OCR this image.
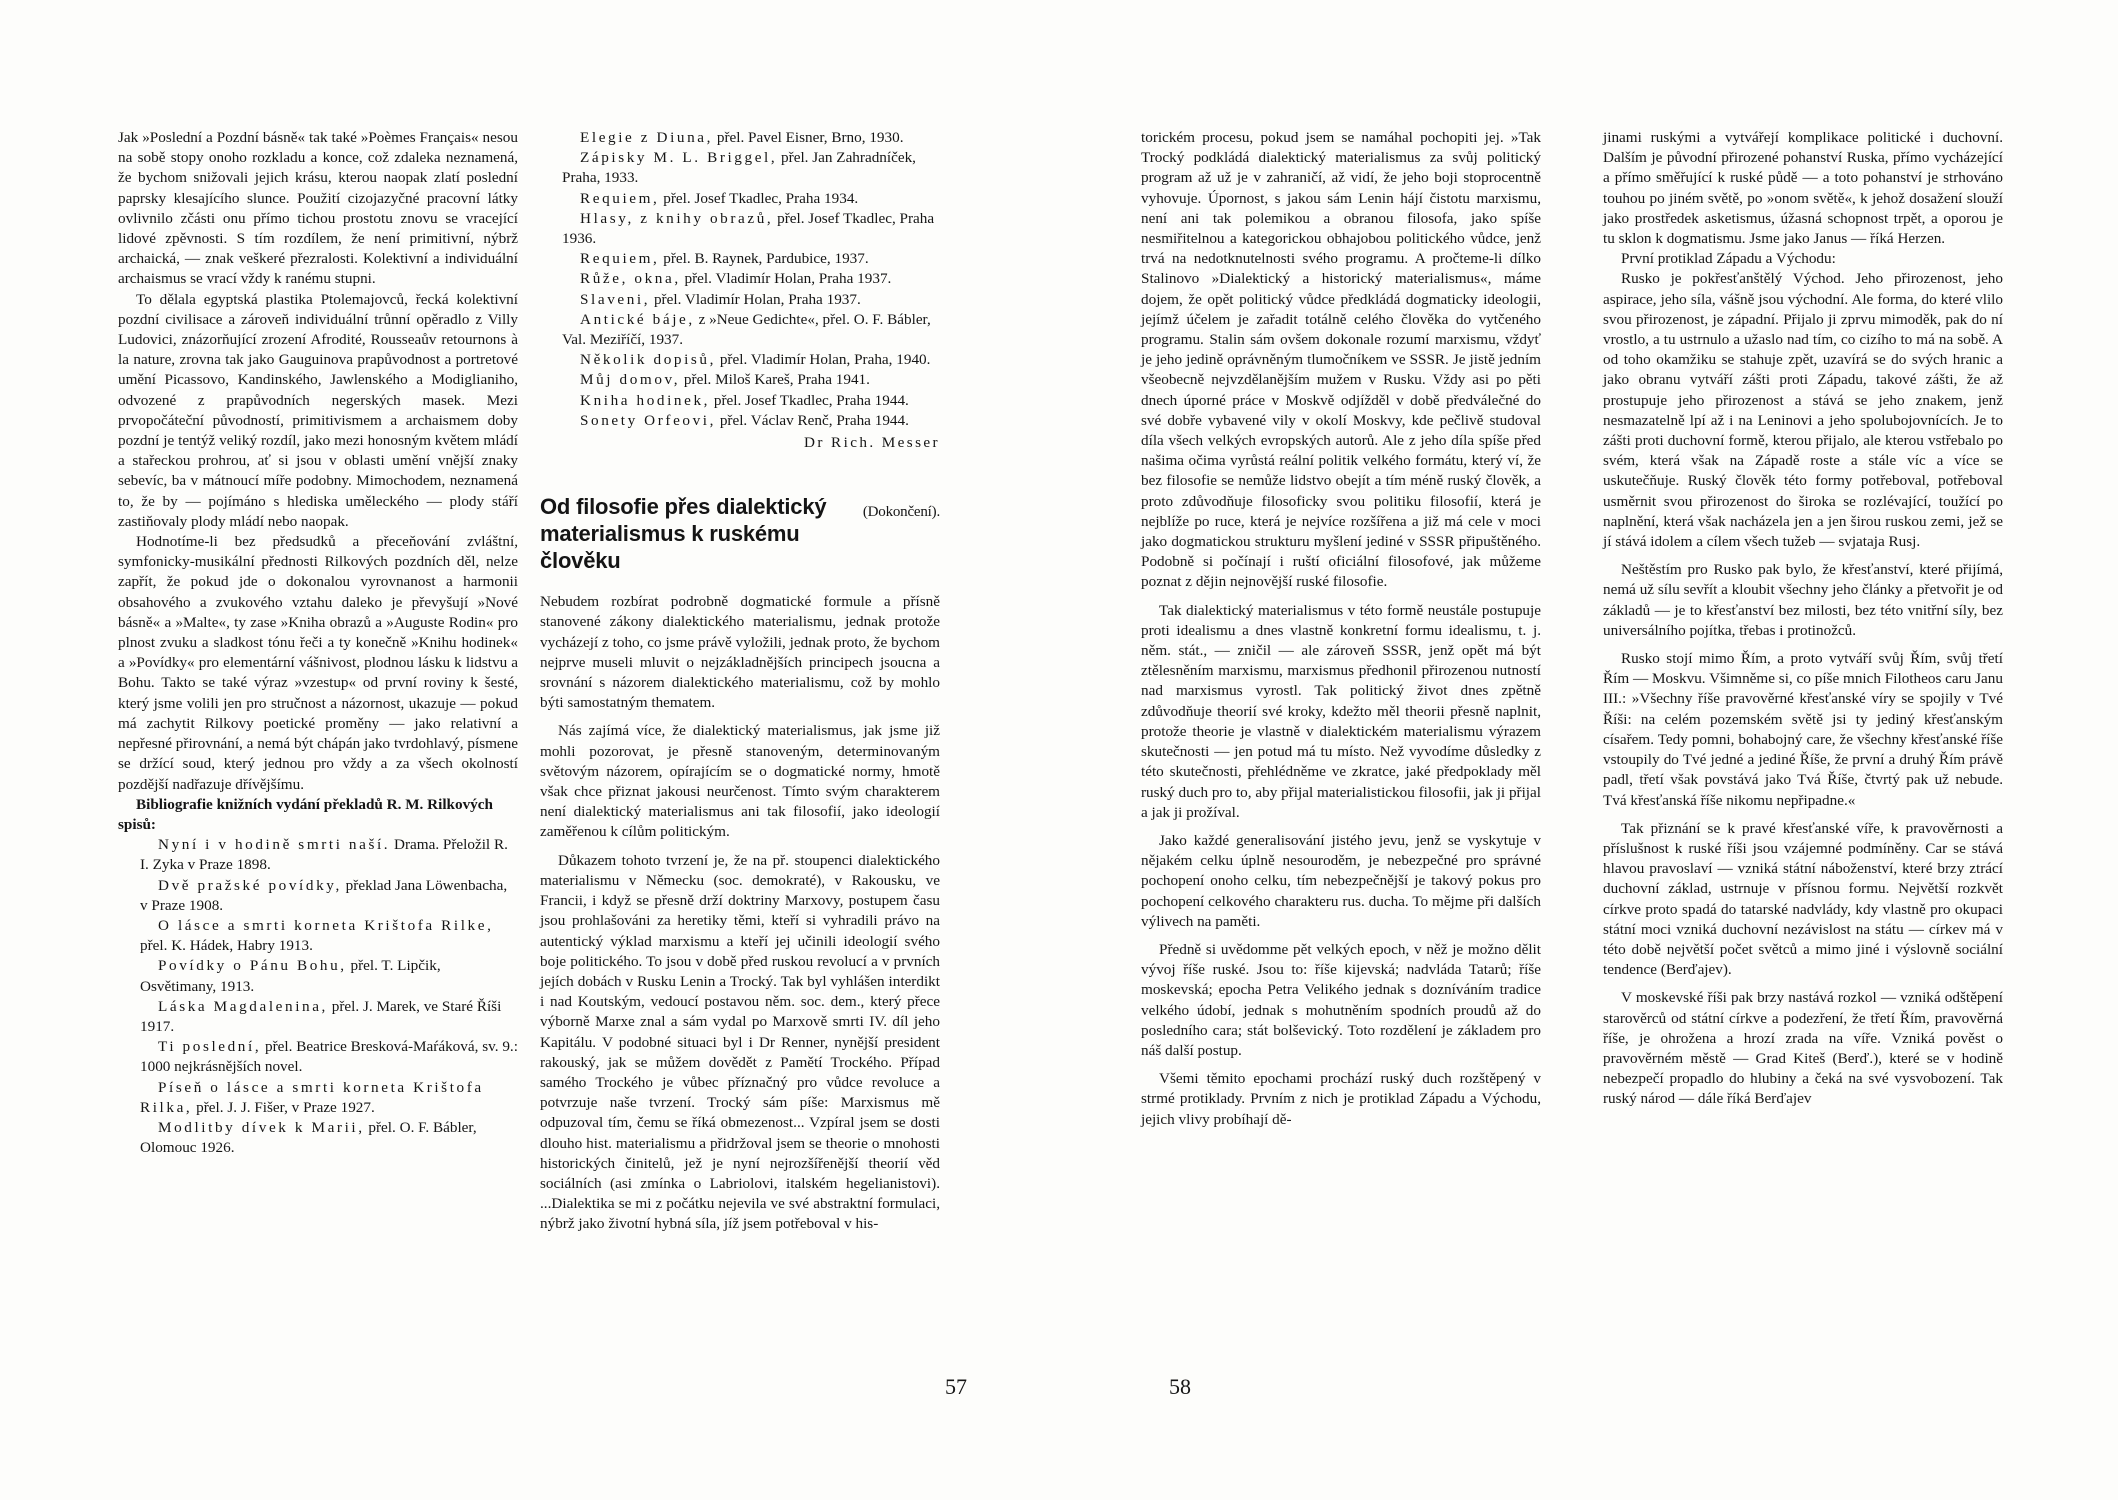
Jak »Poslední a Pozdní básně« tak také »Poèmes Français« nesou na sobě stopy onoho rozkladu a konce, což zdaleka neznamená, že bychom snižovali jejich krásu, kterou naopak zlatí poslední paprsky klesajícího slunce. Použití cizojazyčné pracovní látky ovlivnilo zčásti onu přímo tichou prostotu znovu se vracející lidové zpěvnosti. S tím rozdílem, že není primitivní, nýbrž archaická, — znak veškeré přezralosti. Kolektivní a individuální archaismus se vrací vždy k ranému stupni.

To dělala egyptská plastika Ptolemajovců, řecká kolektivní pozdní civilisace a zároveň individuální trůnní opěradlo z Villy Ludovici, znázorňující zrození Afrodité, Rousseaův retournons à la nature, zrovna tak jako Gauguinova prapůvodnost a portretové umění Picassovo, Kandinského, Jawlenského a Modiglianiho, odvozené z prapůvodních negerských masek. Mezi prvopočáteční původností, primitivismem a archaismem doby pozdní je tentýž veliký rozdíl, jako mezi honosným květem mládí a stařeckou prohrou, ať si jsou v oblasti umění vnější znaky sebevíc, ba v mátnoucí míře podobny. Mimochodem, neznamená to, že by — pojímáno s hlediska uměleckého — plody stáří zastiňovaly plody mládí nebo naopak.

Hodnotíme-li bez předsudků a přeceňování zvláštní, symfonicky-musikální přednosti Rilkových pozdních děl, nelze zapřít, že pokud jde o dokonalou vyrovnanost a harmonii obsahového a zvukového vztahu daleko je převyšují »Nové básně« a »Malte«, ty zase »Kniha obrazů a »Auguste Rodin« pro plnost zvuku a sladkost tónu řeči a ty konečně »Knihu hodinek« a »Povídky« pro elementární vášnivost, plodnou lásku k lidstvu a Bohu. Takto se také výraz »vzestup« od první roviny k šesté, který jsme volili jen pro stručnost a názornost, ukazuje — pokud má zachytit Rilkovy poetické proměny — jako relativní a nepřesné přirovnání, a nemá být chápán jako tvrdohlavý, písmene se držící soud, který jednou pro vždy a za všech okolností pozdější nadřazuje dřívějšímu.

Bibliografie knižních vydání překladů R. M. Rilkových spisů:

Nyní i v hodině smrti naší. Drama. Přeložil R. I. Zyka v Praze 1898.

Dvě pražské povídky, překlad Jana Löwenbacha, v Praze 1908.

O lásce a smrti korneta Krištofa Rilke, přel. K. Hádek, Habry 1913.

Povídky o Pánu Bohu, přel. T. Lipčik, Osvětimany, 1913.

Láska Magdalenina, přel. J. Marek, ve Staré Říši 1917.

Ti poslední, přel. Beatrice Bresková-Maŕáková, sv. 9.: 1000 nejkrásnějších novel.

Píseň o lásce a smrti korneta Krištofa Rilka, přel. J. J. Fišer, v Praze 1927.

Modlitby dívek k Marii, přel. O. F. Bábler, Olomouc 1926.

Elegie z Diuna, přel. Pavel Eisner, Brno, 1930.

Zápisky M. L. Briggel, přel. Jan Zahradníček, Praha, 1933.

Requiem, přel. Josef Tkadlec, Praha 1934.

Hlasy, z knihy obrazů, přel. Josef Tkadlec, Praha 1936.

Requiem, přel. B. Raynek, Pardubice, 1937.

Růže, okna, přel. Vladimír Holan, Praha 1937.

Slaveni, přel. Vladimír Holan, Praha 1937.

Antické báje, z »Neue Gedichte«, přel. O. F. Bábler, Val. Meziříčí, 1937.

Několik dopisů, přel. Vladimír Holan, Praha, 1940.

Můj domov, přel. Miloš Kareš, Praha 1941.

Kniha hodinek, přel. Josef Tkadlec, Praha 1944.

Sonety Orfeovi, přel. Václav Renč, Praha 1944.

Dr Rich. Messer
(Dokončení).
Od filosofie přes dialektický materialismus k ruskému člověku

Nebudem rozbírat podrobně dogmatické formule a přísně stanovené zákony dialektického materialismu, jednak protože vycházejí z toho, co jsme právě vyložili, jednak proto, že bychom nejprve museli mluvit o nejzákladnějších principech jsoucna a srovnání s názorem dialektického materialismu, což by mohlo býti samostatným thematem.

Nás zajímá více, že dialektický materialismus, jak jsme již mohli pozorovat, je přesně stanoveným, determinovaným světovým názorem, opírajícím se o dogmatické normy, hmotě však chce přiznat jakousi neurčenost. Tímto svým charakterem není dialektický materialismus ani tak filosofií, jako ideologií zaměřenou k cílům politickým.

Důkazem tohoto tvrzení je, že na př. stoupenci dialektického materialismu v Německu (soc. demokraté), v Rakousku, ve Francii, i když se přesně drží doktriny Marxovy, postupem času jsou prohlašováni za heretiky těmi, kteří si vyhradili právo na autentický výklad marxismu a kteří jej učinili ideologií svého boje politického. To jsou v době před ruskou revolucí a v prvních jejích dobách v Rusku Lenin a Trocký. Tak byl vyhlášen interdikt i nad Koutským, vedoucí postavou něm. soc. dem., který přece výborně Marxe znal a sám vydal po Marxově smrti IV. díl jeho Kapitálu. V podobné situaci byl i Dr Renner, nynější president rakouský, jak se můžem dovědět z Pamětí Trockého. Případ samého Trockého je vůbec příznačný pro vůdce revoluce a potvrzuje naše tvrzení. Trocký sám píše: Marxismus mě odpuzoval tím, čemu se říká obmezenost... Vzpíral jsem se dosti dlouho hist. materialismu a přidržoval jsem se theorie o mnohosti historických činitelů, jež je nyní nejrozšířenější theorií věd sociálních (asi zmínka o Labriolovi, italském hegelianistovi). ...Dialektika se mi z počátku nejevila ve své abstraktní formulaci, nýbrž jako životní hybná síla, jíž jsem potřeboval v his-

57

torickém procesu, pokud jsem se namáhal pochopiti jej. »Tak Trocký podkládá dialektický materialismus za svůj politický program až už je v zahraničí, až vidí, že jeho boji stoprocentně vyhovuje. Úpornost, s jakou sám Lenin hájí čistotu marxismu, není ani tak polemikou a obranou filosofa, jako spíše nesmiřitelnou a kategorickou obhajobou politického vůdce, jenž trvá na nedotknutelnosti svého programu. A pročteme-li dílko Stalinovo »Dialektický a historický materialismus«, máme dojem, že opět politický vůdce předkládá dogmaticky ideologii, jejímž účelem je zařadit totálně celého člověka do vytčeného programu. Stalin sám ovšem dokonale rozumí marxismu, vždyť je jeho jedině oprávněným tlumočníkem ve SSSR. Je jistě jedním všeobecně nejvzdělanějším mužem v Rusku. Vždy asi po pěti dnech úporné práce v Moskvě odjížděl v době předválečné do své dobře vybavené vily v okolí Moskvy, kde pečlivě studoval díla všech velkých evropských autorů. Ale z jeho díla spíše před našima očima vyrůstá reální politik velkého formátu, který ví, že bez filosofie se nemůže lidstvo obejít a tím méně ruský člověk, a proto zdůvodňuje filosoficky svou politiku filosofií, která je nejblíže po ruce, která je nejvíce rozšířena a již má cele v moci jako dogmatickou strukturu myšlení jediné v SSSR připuštěného. Podobně si počínají i ruští oficiální filosofové, jak můžeme poznat z dějin nejnovější ruské filosofie.

Tak dialektický materialismus v této formě neustále postupuje proti idealismu a dnes vlastně konkretní formu idealismu, t. j. něm. stát., — zničil — ale zároveň SSSR, jenž opět má být ztělesněním marxismu, marxismus předhonil přirozenou nutností nad marxismus vyrostl. Tak politický život dnes zpětně zdůvodňuje theorií své kroky, kdežto měl theorii přesně naplnit, protože theorie je vlastně v dialektickém materialismu výrazem skutečnosti — jen potud má tu místo. Než vyvodíme důsledky z této skutečnosti, přehlédněme ve zkratce, jaké předpoklady měl ruský duch pro to, aby přijal materialistickou filosofii, jak ji přijal a jak ji prožíval.

Jako každé generalisování jistého jevu, jenž se vyskytuje v nějakém celku úplně nesouroděm, je nebezpečné pro správné pochopení onoho celku, tím nebezpečnější je takový pokus pro pochopení celkového charakteru rus. ducha. To mějme při dalších výlivech na paměti.

Předně si uvědomme pět velkých epoch, v něž je možno dělit vývoj říše ruské. Jsou to: říše kijevská; nadvláda Tatarů; říše moskevská; epocha Petra Velikého jednak s dozníváním tradice velkého údobí, jednak s mohutněním spodních proudů až do posledního cara; stát bolševický. Toto rozdělení je základem pro náš další postup.

Všemi těmito epochami prochází ruský duch rozštěpený v strmé protiklady. Prvním z nich je protiklad Západu a Východu, jejich vlivy probíhají dě-

jinami ruskými a vytvářejí komplikace politické i duchovní. Dalším je původní přirozené pohanství Ruska, přímo vycházející a přímo směřující k ruské půdě — a toto pohanství je strhováno touhou po jiném světě, po »onom světě«, k jehož dosažení slouží jako prostředek asketismus, úžasná schopnost trpět, a oporou je tu sklon k dogmatismu. Jsme jako Janus — říká Herzen.

První protiklad Západu a Východu:

Rusko je pokřesťanštělý Východ. Jeho přirozenost, jeho aspirace, jeho síla, vášně jsou východní. Ale forma, do které vlilo svou přirozenost, je západní. Přijalo ji zprvu mimoděk, pak do ní vrostlo, a tu ustrnulo a užaslo nad tím, co cizího to má na sobě. A od toho okamžiku se stahuje zpět, uzavírá se do svých hranic a jako obranu vytváří zášti proti Západu, takové zášti, že až prostupuje jeho přirozenost a stává se jeho znakem, jenž nesmazatelně lpí až i na Leninovi a jeho spolubojovnících. Je to zášti proti duchovní formě, kterou přijalo, ale kterou vstřebalo po svém, která však na Západě roste a stále víc a více se uskutečňuje. Ruský člověk této formy potřeboval, potřeboval usměrnit svou přirozenost do široka se rozlévající, toužící po naplnění, která však nacházela jen a jen širou ruskou zemi, jež se jí stává idolem a cílem všech tužeb — svjataja Rusj.

Neštěstím pro Rusko pak bylo, že křesťanství, které přijímá, nemá už sílu sevřít a kloubit všechny jeho články a přetvořit je od základů — je to křesťanství bez milosti, bez této vnitřní síly, bez universálního pojítka, třebas i protinožců.

Rusko stojí mimo Řím, a proto vytváří svůj Řím, svůj třetí Řím — Moskvu. Všimněme si, co píše mnich Filotheos caru Janu III.: »Všechny říše pravověrné křesťanské víry se spojily v Tvé Říši: na celém pozemském světě jsi ty jediný křesťanským císařem. Tedy pomni, bohabojný care, že všechny křesťanské říše vstoupily do Tvé jedné a jediné Říše, že první a druhý Řím právě padl, třetí však povstává jako Tvá Říše, čtvrtý pak už nebude. Tvá křesťanská říše nikomu nepřipadne.«

Tak přiznání se k pravé křesťanské víře, k pravověrnosti a příslušnost k ruské říši jsou vzájemné podmíněny. Car se stává hlavou pravoslaví — vzniká státní náboženství, které brzy ztrácí duchovní základ, ustrnuje v přísnou formu. Největší rozkvět církve proto spadá do tatarské nadvlády, kdy vlastně pro okupaci státní moci vzniká duchovní nezávislost na státu — církev má v této době největší počet světců a mimo jiné i výslovně sociální tendence (Berďajev).

V moskevské říši pak brzy nastává rozkol — vzniká odštěpení starověrců od státní církve a podezření, že třetí Řím, pravověrná říše, je ohrožena a hrozí zrada na víře. Vzniká pověst o pravověrném městě — Grad Kiteš (Berď.), které se v hodině nebezpečí propadlo do hlubiny a čeká na své vysvobození. Tak ruský národ — dále říká Berďajev

58
